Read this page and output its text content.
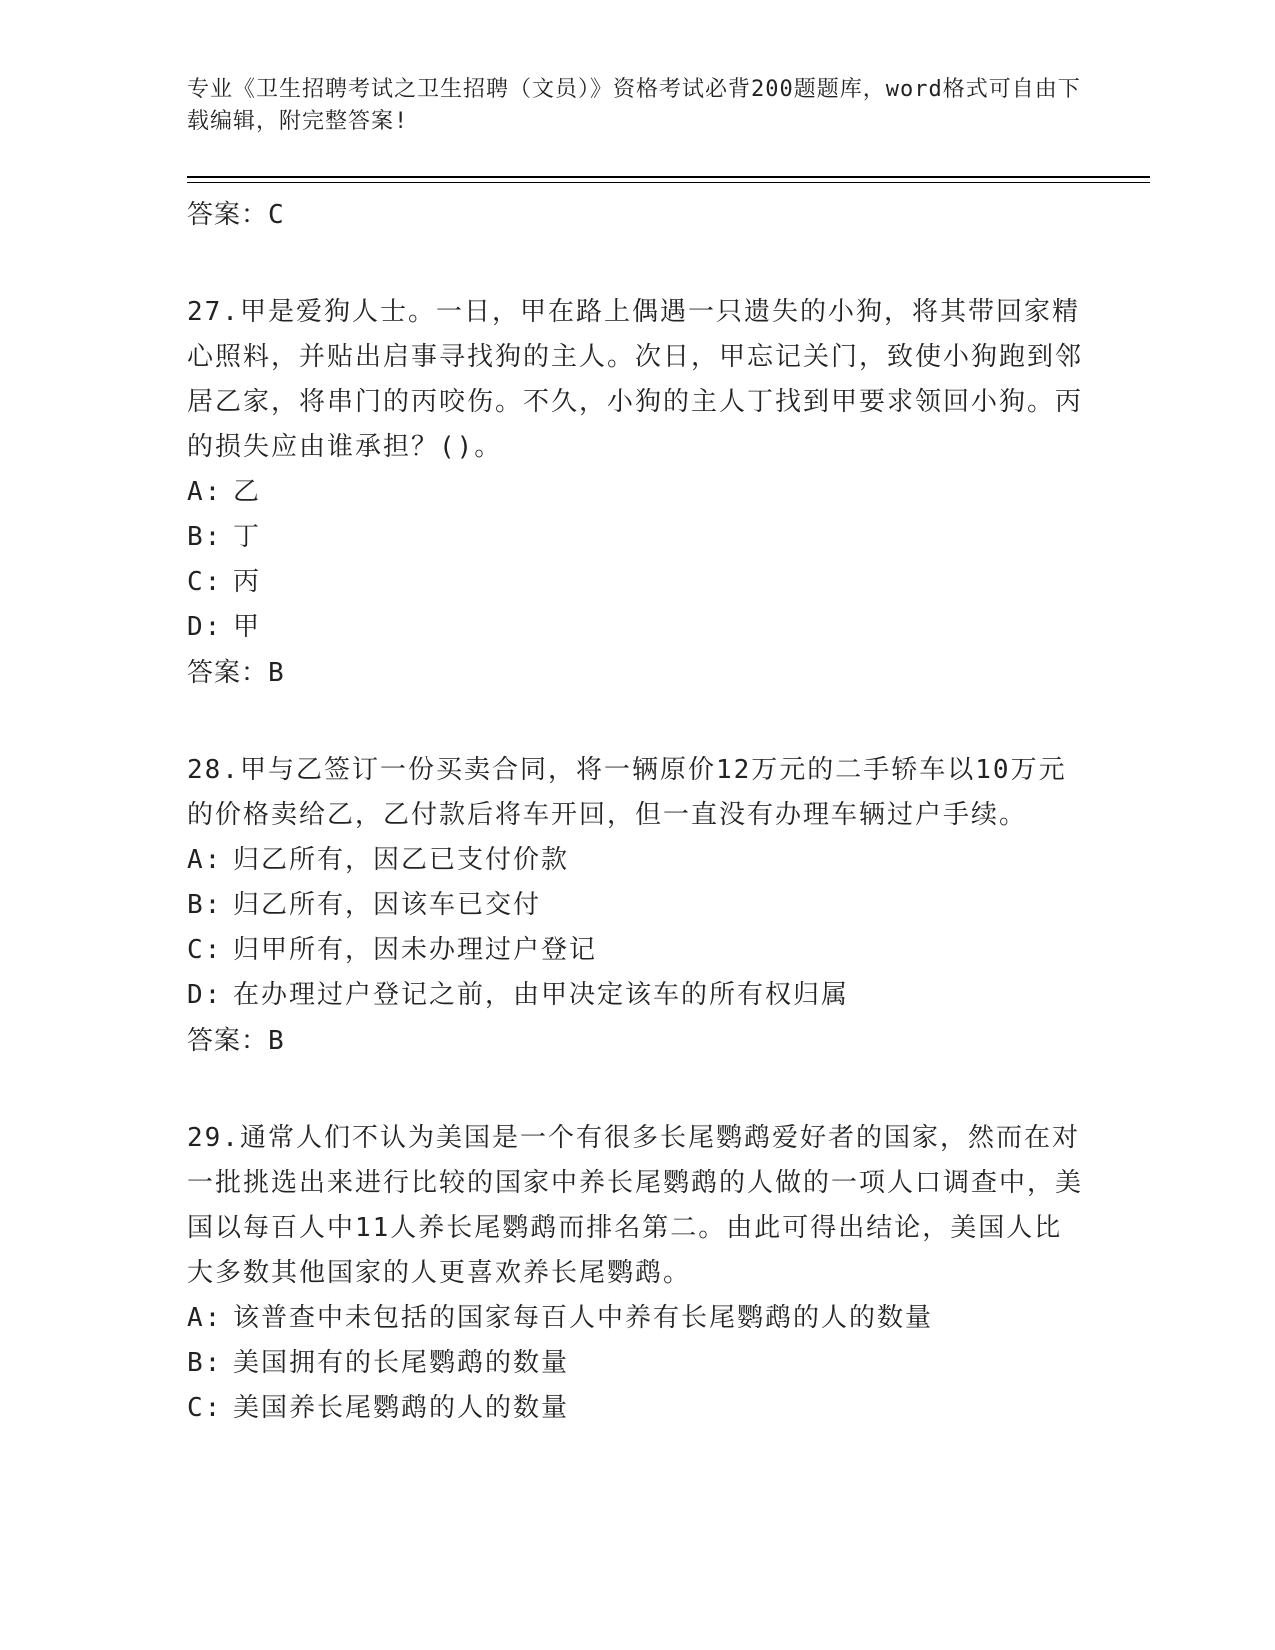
专业《卫生招聘考试之卫生招聘（文员）》资格考试必背200题题库，word格式可自由下载编辑，附完整答案!

答案：C

27.甲是爱狗人士。一日，甲在路上偶遇一只遗失的小狗，将其带回家精心照料，并贴出启事寻找狗的主人。次日，甲忘记关门，致使小狗跑到邻居乙家，将串门的丙咬伤。不久，小狗的主人丁找到甲要求领回小狗。丙的损失应由谁承担？()。

A: 乙

B: 丁

C: 丙

D: 甲

答案：B

28.甲与乙签订一份买卖合同，将一辆原价12万元的二手轿车以10万元的价格卖给乙，乙付款后将车开回，但一直没有办理车辆过户手续。

A: 归乙所有，因乙已支付价款

B: 归乙所有，因该车已交付

C: 归甲所有，因未办理过户登记

D: 在办理过户登记之前，由甲决定该车的所有权归属

答案：B

29.通常人们不认为美国是一个有很多长尾鹦鹉爱好者的国家，然而在对一批挑选出来进行比较的国家中养长尾鹦鹉的人做的一项人口调查中，美国以每百人中11人养长尾鹦鹉而排名第二。由此可得出结论，美国人比大多数其他国家的人更喜欢养长尾鹦鹉。

A: 该普查中未包括的国家每百人中养有长尾鹦鹉的人的数量

B: 美国拥有的长尾鹦鹉的数量

C: 美国养长尾鹦鹉的人的数量
